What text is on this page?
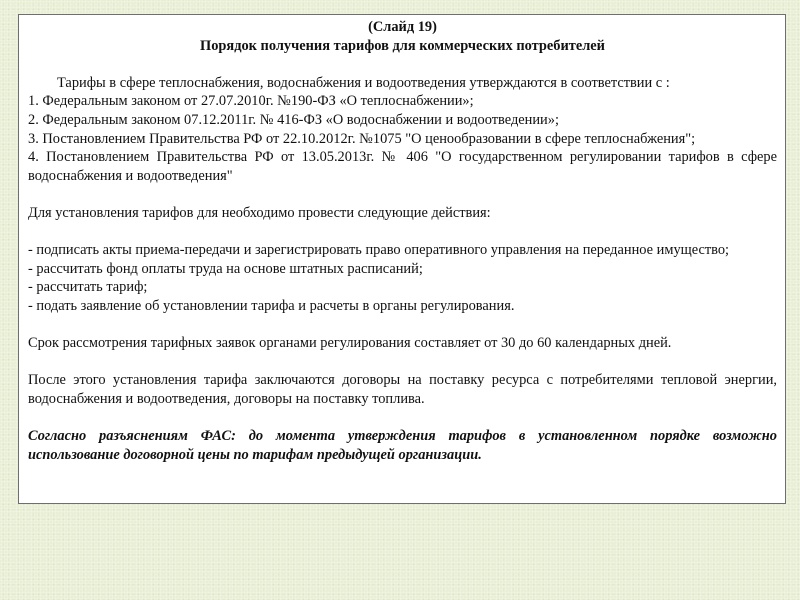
(Слайд 19)
Порядок получения тарифов для коммерческих потребителей

Тарифы в сфере теплоснабжения, водоснабжения и водоотведения утверждаются в соответствии с :

1. Федеральным законом от 27.07.2010г. №190-ФЗ «О теплоснабжении»;

2. Федеральным законом 07.12.2011г. № 416-ФЗ «О водоснабжении и водоотведении»;

3. Постановлением Правительства РФ от 22.10.2012г. №1075 "О ценообразовании в сфере теплоснабжения";

4. Постановлением Правительства РФ от 13.05.2013г. № 406 "О государственном регулировании тарифов в сфере водоснабжения и водоотведения"

Для установления тарифов для необходимо провести следующие действия:

- подписать акты приема-передачи и зарегистрировать право оперативного управления на переданное имущество;

- рассчитать фонд оплаты труда на основе штатных расписаний;

- рассчитать тариф;

- подать заявление об установлении тарифа и расчеты в органы регулирования.

Срок рассмотрения тарифных заявок органами регулирования составляет от 30 до 60 календарных дней.

После этого установления тарифа заключаются договоры на поставку ресурса с потребителями тепловой энергии, водоснабжения и водоотведения, договоры на поставку топлива.

Согласно разъяснениям ФАС: до момента утверждения тарифов в установленном порядке возможно использование договорной цены по тарифам предыдущей организации.
